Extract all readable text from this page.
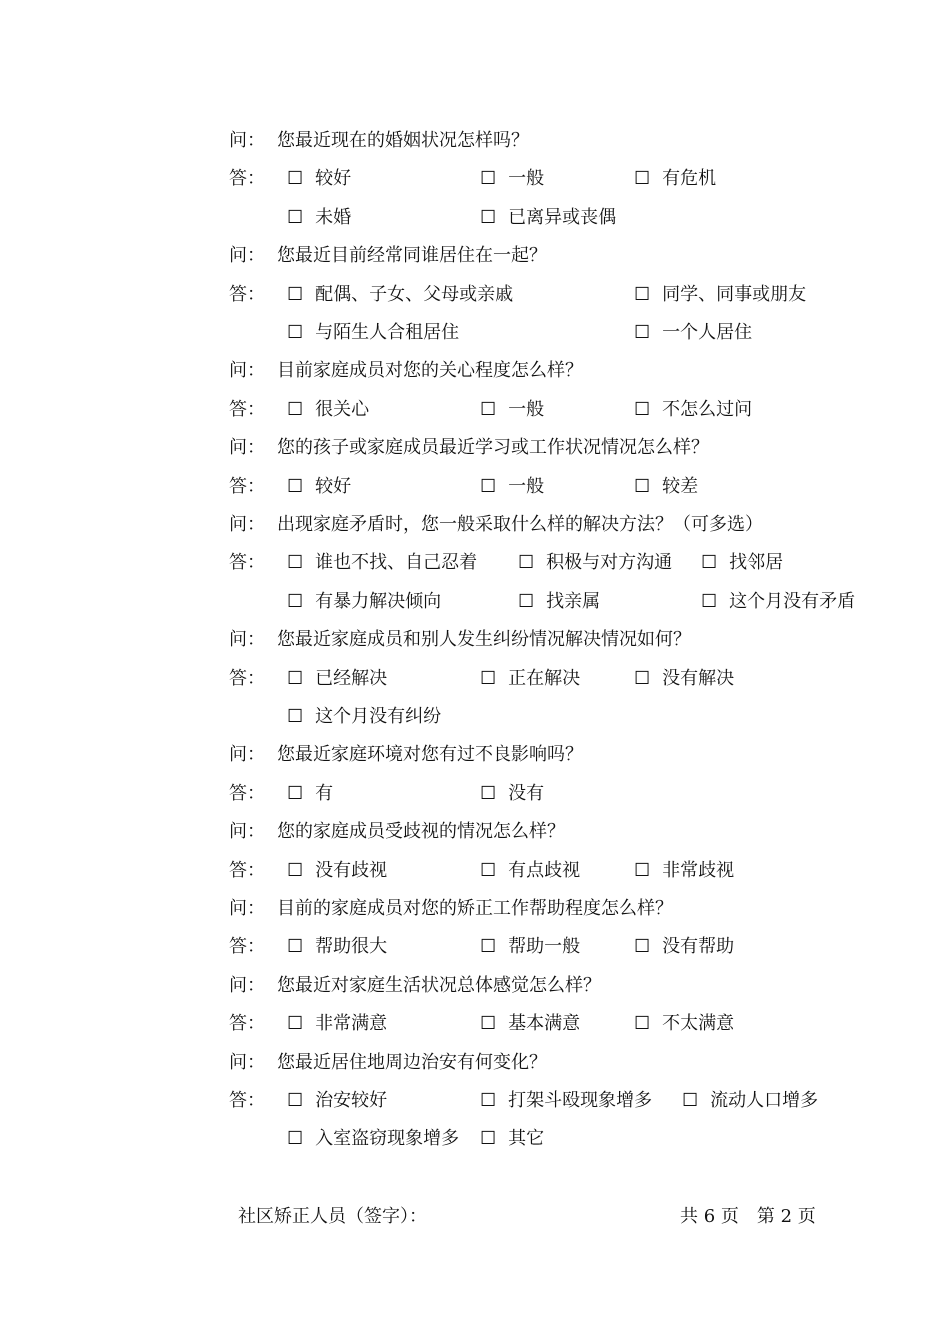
问： 您最近现在的婚姻状况怎样吗？
答： ☐ 较好	☐ 一般	☐ 有危机
☐ 未婚	☐ 已离异或丧偶
问： 您最近目前经常同谁居住在一起？
答： ☐ 配偶、子女、父母或亲戚	☐ 同学、同事或朋友
☐ 与陌生人合租居住	☐ 一个人居住
问： 目前家庭成员对您的关心程度怎么样？
答： ☐ 很关心	☐ 一般	☐ 不怎么过问
问： 您的孩子或家庭成员最近学习或工作状况情况怎么样？
答： ☐ 较好	☐ 一般	☐ 较差
问： 出现家庭矛盾时，您一般采取什么样的解决方法？（可多选）
答： ☐ 谁也不找、自己忍着 ☐ 积极与对方沟通 ☐ 找邻居
☐ 有暴力解决倾向	☐ 找亲属	☐ 这个月没有矛盾
问： 您最近家庭成员和别人发生纠纷情况解决情况如何？
答： ☐ 已经解决	☐ 正在解决	☐ 没有解决
☐ 这个月没有纠纷
问： 您最近家庭环境对您有过不良影响吗？
答： ☐ 有	☐ 没有
问： 您的家庭成员受歧视的情况怎么样？
答： ☐ 没有歧视	☐ 有点歧视	☐ 非常歧视
问： 目前的家庭成员对您的矫正工作帮助程度怎么样？
答： ☐ 帮助很大	☐ 帮助一般	☐ 没有帮助
问： 您最近对家庭生活状况总体感觉怎么样？
答： ☐ 非常满意	☐ 基本满意	☐ 不太满意
问： 您最近居住地周边治安有何变化？
答： ☐ 治安较好	☐ 打架斗殴现象增多 ☐ 流动人口增多
☐ 入室盗窃现象增多 ☐ 其它
社区矫正人员（签字）：	共 6 页　第 2 页
